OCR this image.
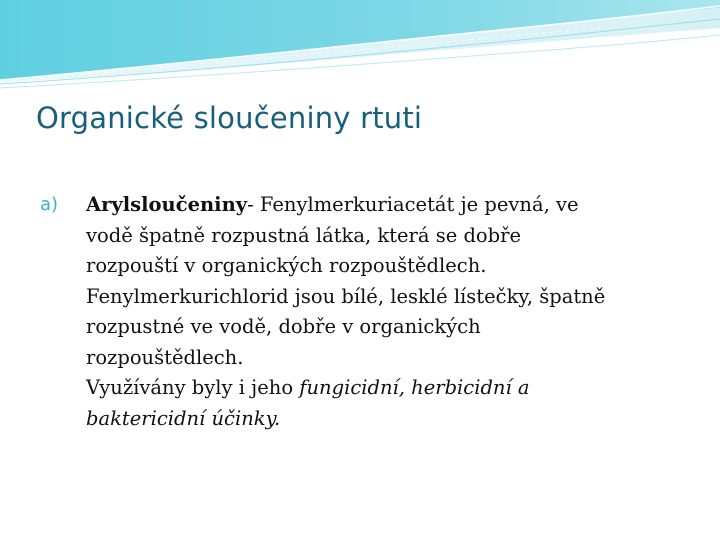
Organické sloučeniny rtuti
a) Arylsloučeniny- Fenylmerkuriacetát je pevná, ve
vodě špatně rozpustná látka, která se dobře
rozpouští v organických rozpouštědlech.
Fenylmerkurichlorid jsou bílé, lesklé lístečky, špatně
rozpustné ve vodě, dobře v organických
rozpouštědlech.
Využívány byly i jeho fungicidní, herbicidní a
baktericidní účinky.
